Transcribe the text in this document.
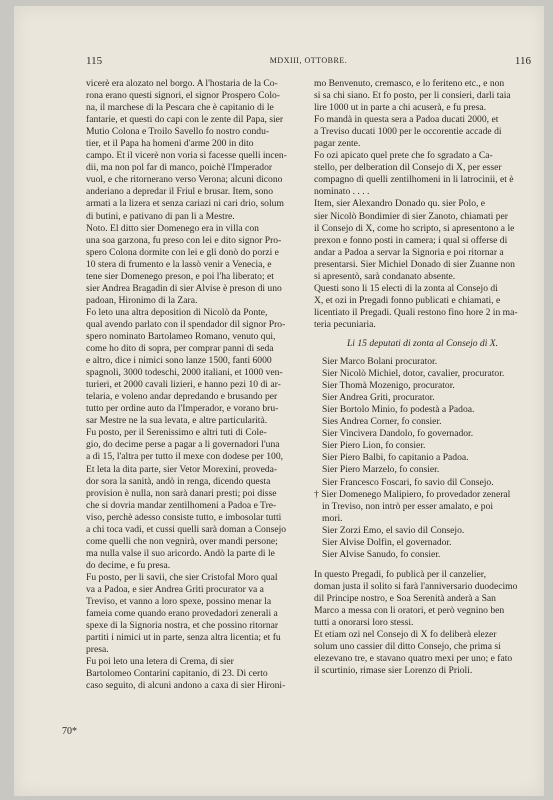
115	MDXIII, OTTOBRE.	116
70*
vicerè era alozato nel borgo. A l'hostaria de la Co-
rona erano questi signori, el signor Prospero Colo-
na, il marchese di la Pescara che è capitanio di le
fantarie, et questi do capi con le zente dil Papa, sier
Mutio Colona e Troilo Savello fo nostro condu-
tier, et il Papa ha homeni d'arme 200 in dito
campo. Et il vicerè non voria si facesse quelli incen-
dii, ma non pol far di manco, poichè l'Imperador
vuol, e che ritornerano verso Verona; alcuni dicono
anderiano a depredar il Friul e brusar. Item, sono
armati a la lizera et senza cariazi ni cari drio, solum
di butini, e pativano di pan li a Mestre.
Noto. El ditto sier Domenego era in villa con
una soa garzona, fu preso con lei e dito signor Pro-
spero Colona dormite con lei e gli donò do porzi e
10 stera di frumento e la lassò venir a Venecia, e
tene sier Domenego preson, e poi l'ha liberato; et
sier Andrea Bragadin di sier Alvise è preson di uno
padoan, Hironimo di la Zara.
Fo leto una altra deposition di Nicolò da Ponte,
qual avendo parlato con il spendador dil signor Pro-
spero nominato Bartolameo Romano, venuto qui,
come ho dito di sopra, per comprar panni di seda
e altro, dice i nimici sono lanze 1500, fanti 6000
spagnoli, 3000 todeschi, 2000 italiani, et 1000 ven-
turieri, et 2000 cavali lizieri, e hanno pezi 10 di ar-
telaria, e voleno andar depredando e brusando per
tutto per ordine auto da l'Imperador, e vorano bru-
sar Mestre ne la sua levata, e altre particularità.
Fu posto, per il Serenissimo e altri tuti di Cole-
gio, do decime perse a pagar a li governadori l'una
a dì 15, l'altra per tutto il mexe con dodese per 100,
Et leta la dita parte, sier Vetor Morexini, proveda-
dor sora la sanità, andò in renga, dicendo questa
provision è nulla, non sarà danari presti; poi disse
che si dovria mandar zentilhomeni a Padoa e Tre-
viso, perchè adesso consiste tutto, e imbosolar tutti
a chi toca vadi, et cussi quelli sarà doman a Consejo
come quelli che non vegnirà, over mandi persone;
ma nulla valse il suo aricordo. Andò la parte di le
do decime, e fu presa.
Fu posto, per li savii, che sier Cristofal Moro qual
va a Padoa, e sier Andrea Griti procurator va a
Treviso, et vanno a loro spexe, possino menar la
fameia come quando erano provedadori zenerali a
spexe di la Signoria nostra, et che possino ritornar
partiti i nimici ut in parte, senza altra licentia; et fu
presa.
Fu poi leto una letera di Crema, di sier
Bartolomeo Contarini capitanio, di 23. Di certo
caso seguito, di alcuni andono a caxa di sier Hironi-
mo Benvenuto, cremasco, e lo feriteno etc., e non
si sa chi siano. Et fo posto, per li consieri, darli taia
lire 1000 ut in parte a chi acuserà, e fu presa.
Fo mandà in questa sera a Padoa ducati 2000, et
a Treviso ducati 1000 per le occorentie accade di
pagar zente.
Fo ozi apicato quel prete che fo sgradato a Ca-
stello, per delberation dil Consejo di X, per esser
compagno di quelli zentilhomeni in li latrocinii, et è
nominato . . . .
Item, sier Alexandro Donado qu. sier Polo, e
sier Nicolò Bondimier di sier Zanoto, chiamati per
il Consejo di X, come ho scripto, si apresentono a le
prexon e fonno posti in camera; i qual si offerse di
andar a Padoa a servar la Signoria e poi ritornar a
presentarsi. Sier Michiel Donado di sier Zuanne non
si apresentò, sarà condanato absente.
Questi sono li 15 electi di la zonta al Consejo di
X, et ozi in Pregadi fonno publicati e chiamati, e
licentiato il Pregadi. Quali restono fino hore 2 in ma-
teria pecuniaria.
Li 15 deputati di zonta al Consejo di X.
Sier Marco Bolani procurator.
Sier Nicolò Michiel, dotor, cavalier, procurator.
Sier Thomà Mozenigo, procurator.
Sier Andrea Griti, procurator.
Sier Bortolo Minio, fo podestà a Padoa.
Sies Andrea Corner, fo consier.
Sier Vincivera Dandolo, fo governador.
Sier Piero Lion, fo consier.
Sier Piero Balbi, fo capitanio a Padoa.
Sier Piero Marzelo, fo consier.
Sier Francesco Foscari, fo savio dil Consejo.
† Sier Domenego Malipiero, fo provedador zeneral
in Treviso, non intrò per esser amalato, e poi
morì.
Sier Zorzi Emo, el savio dil Consejo.
Sier Alvise Dolfin, el governador.
Sier Alvise Sanudo, fo consier.
In questo Pregadi, fo publicà per il canzelier,
doman justa il solito si farà l'anniversario duodecimo
dil Principe nostro, e Soa Serenità anderà a San
Marco a messa con li oratori, et però vegnino ben
tutti a onorarsi loro stessi.
Et etiam ozi nel Consejo di X fo deliberà elezer
solum uno cassier dil ditto Consejo, che prima si
elezevano tre, e stavano quatro mexi per uno; e fato
il scurtinio, rimase sier Lorenzo di Prioli.
